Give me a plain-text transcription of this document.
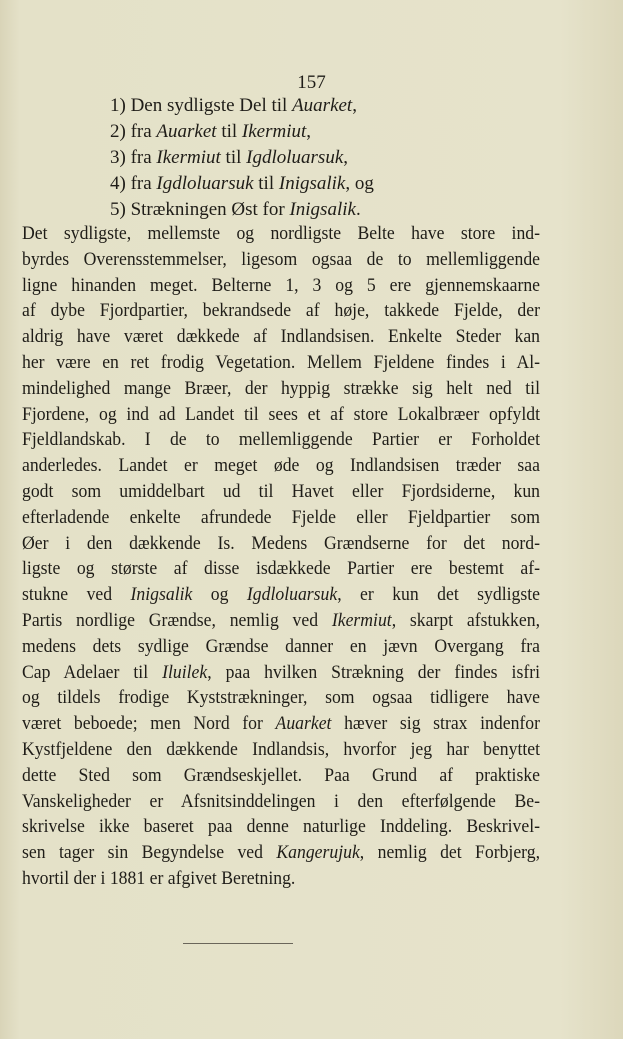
157
1) Den sydligste Del til Auarket,
2) fra Auarket til Ikermiut,
3) fra Ikermiut til Igdloluarsuk,
4) fra Igdloluarsuk til Inigsalik, og
5) Strækningen Øst for Inigsalik.
Det sydligste, mellemste og nordligste Belte have store ind-
byrdes Overensstemmelser, ligesom ogsaa de to mellemliggende
ligne hinanden meget. Belterne 1, 3 og 5 ere gjennemskaarne
af dybe Fjordpartier, bekrandsede af høje, takkede Fjelde, der
aldrig have været dækkede af Indlandsisen. Enkelte Steder kan
her være en ret frodig Vegetation. Mellem Fjeldene findes i Al-
mindelighed mange Bræer, der hyppig strække sig helt ned til
Fjordene, og ind ad Landet til sees et af store Lokalbræer opfyldt
Fjeldlandskab. I de to mellemliggende Partier er Forholdet
anderledes. Landet er meget øde og Indlandsisen træder saa
godt som umiddelbart ud til Havet eller Fjordsiderne, kun
efterladende enkelte afrundede Fjelde eller Fjeldpartier som
Øer i den dækkende Is. Medens Grændserne for det nord-
ligste og største af disse isdækkede Partier ere bestemt af-
stukne ved Inigsalik og Igdloluarsuk, er kun det sydligste
Partis nordlige Grændse, nemlig ved Ikermiut, skarpt afstukken,
medens dets sydlige Grændse danner en jævn Overgang fra
Cap Adelaer til Iluilek, paa hvilken Strækning der findes isfri
og tildels frodige Kyststrækninger, som ogsaa tidligere have
været beboede; men Nord for Auarket hæver sig strax indenfor
Kystfjeldene den dækkende Indlandsis, hvorfor jeg har benyttet
dette Sted som Grændseskjellet. Paa Grund af praktiske
Vanskeligheder er Afsnitsinddelingen i den efterfølgende Be-
skrivelse ikke baseret paa denne naturlige Inddeling. Beskrivel-
sen tager sin Begyndelse ved Kangerujuk, nemlig det Forbjerg,
hvortil der i 1881 er afgivet Beretning.
